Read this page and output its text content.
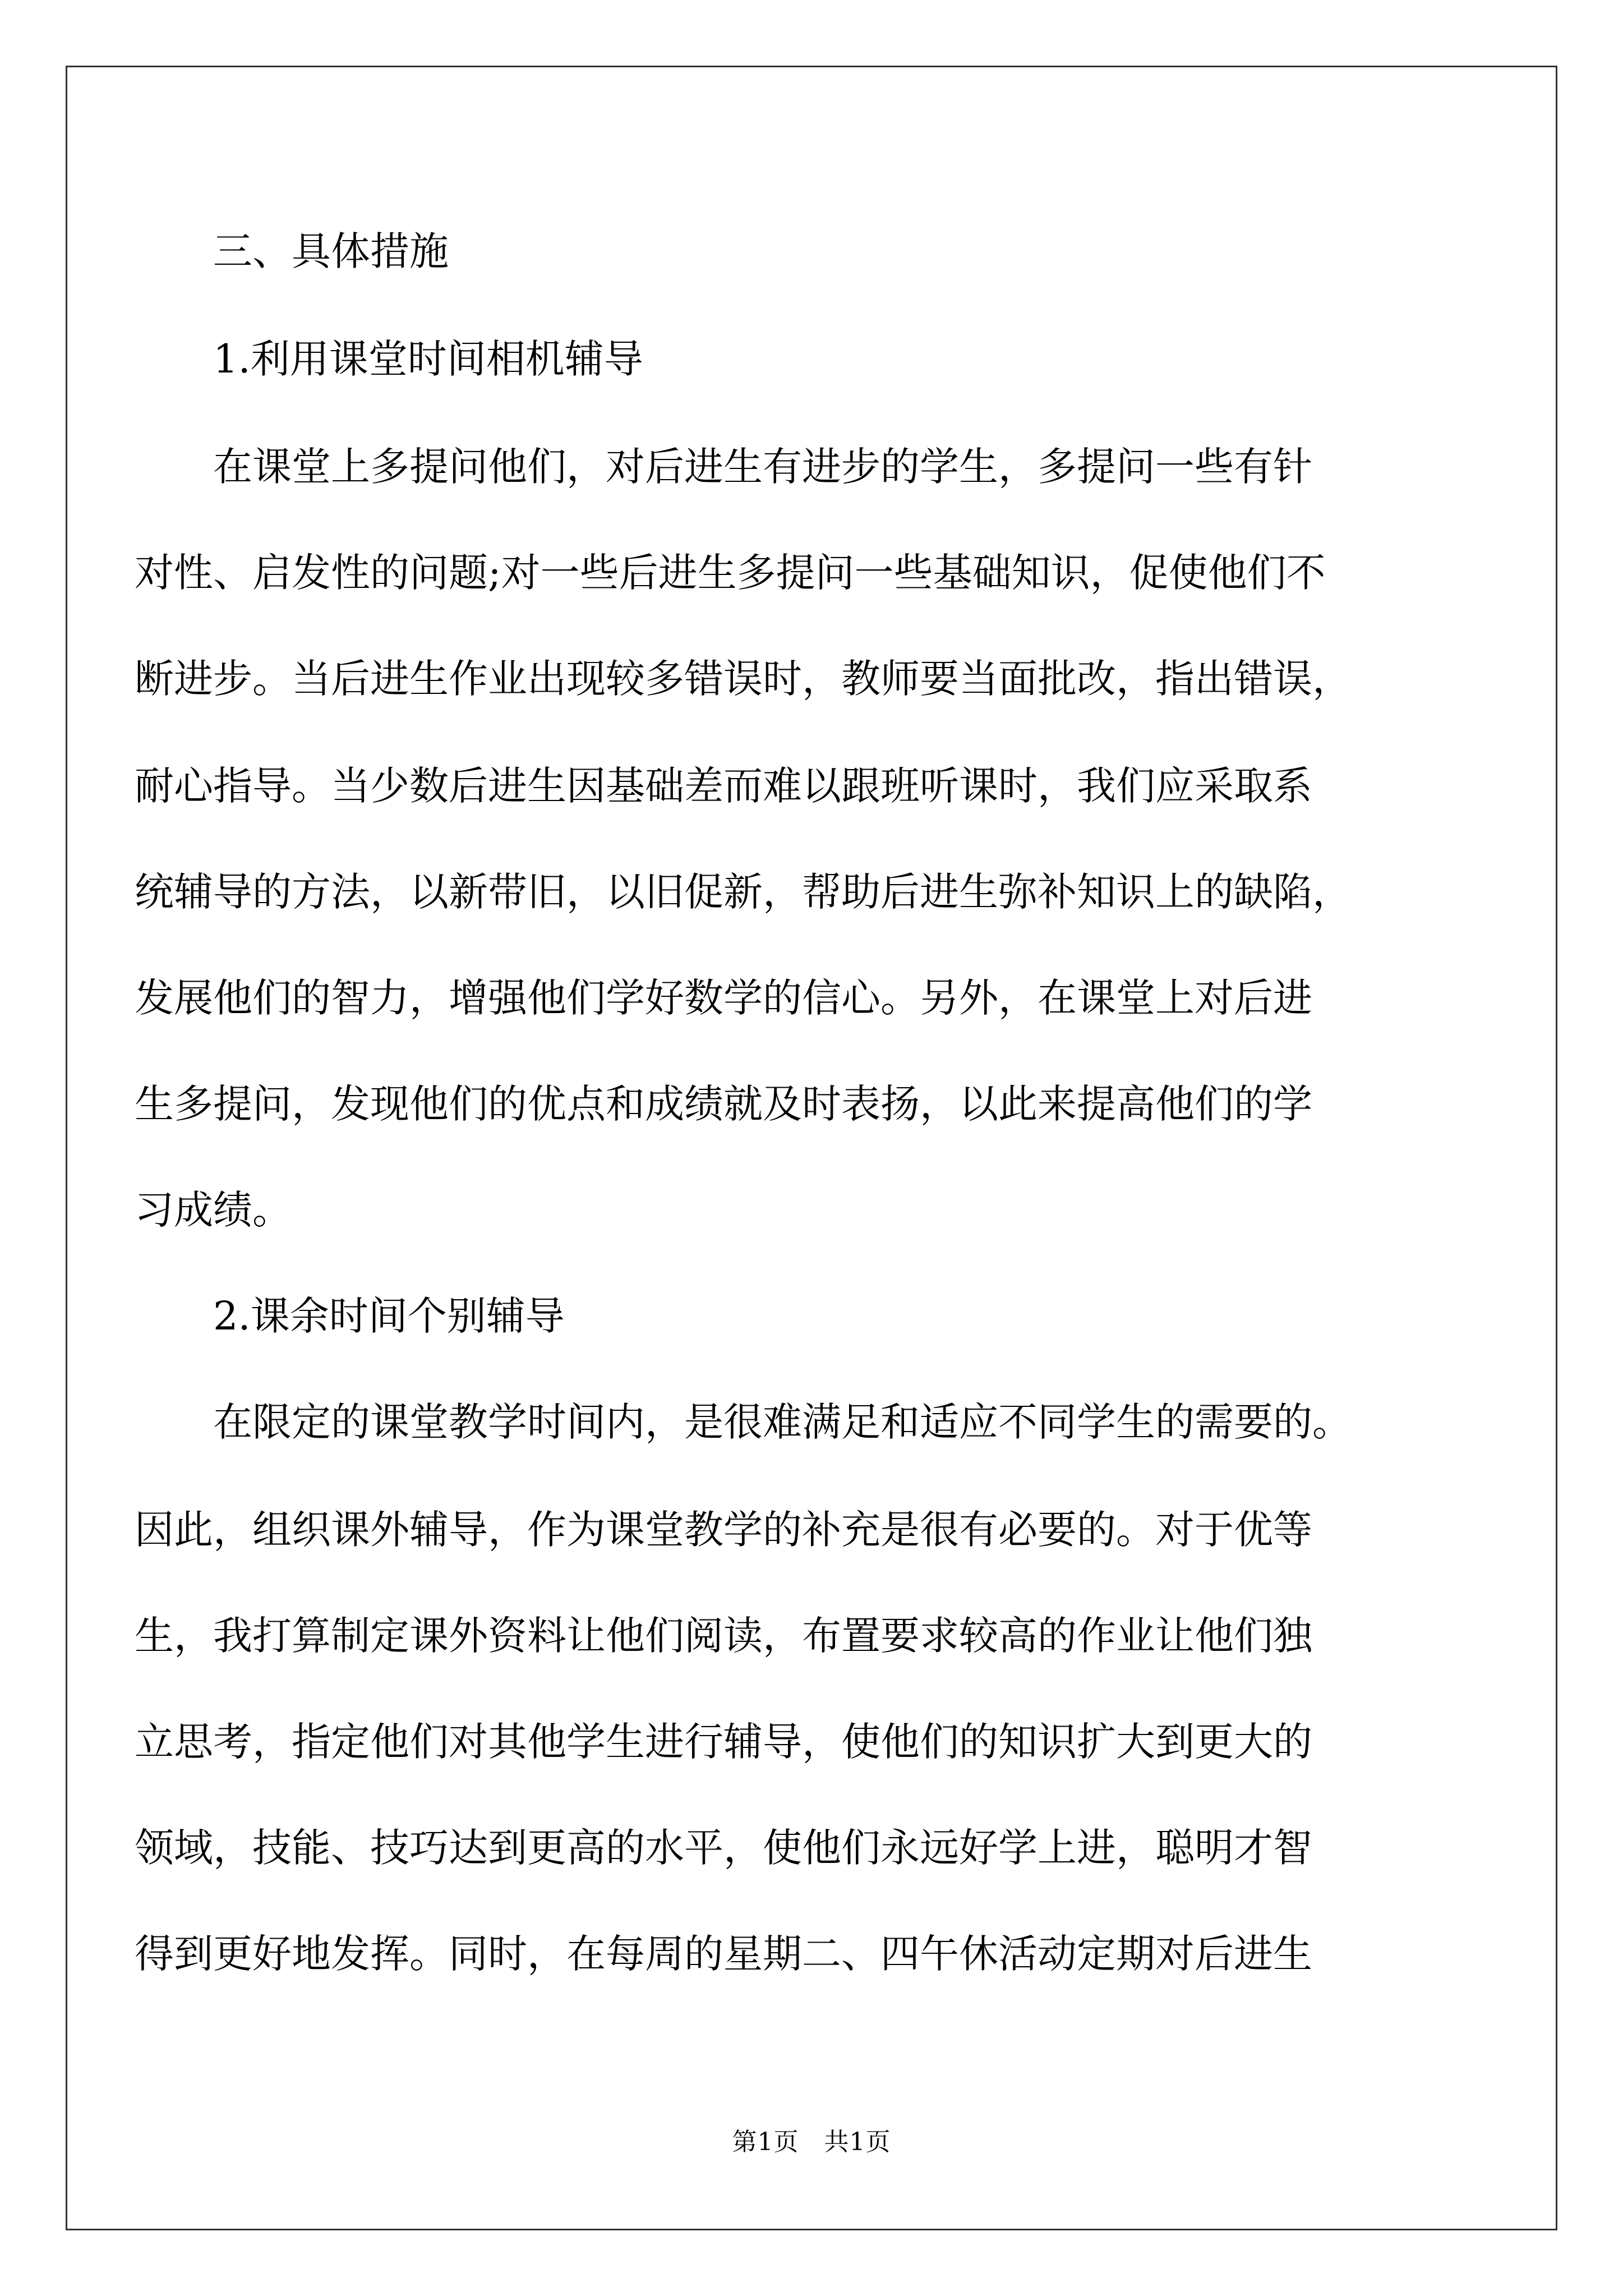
三、具体措施
1.利用课堂时间相机辅导
在课堂上多提问他们，对后进生有进步的学生，多提问一些有针
对性、启发性的问题;对一些后进生多提问一些基础知识，促使他们不
断进步。当后进生作业出现较多错误时，教师要当面批改，指出错误，
耐心指导。当少数后进生因基础差而难以跟班听课时，我们应采取系
统辅导的方法，以新带旧，以旧促新，帮助后进生弥补知识上的缺陷，
发展他们的智力，增强他们学好数学的信心。另外，在课堂上对后进
生多提问，发现他们的优点和成绩就及时表扬，以此来提高他们的学
习成绩。
2.课余时间个别辅导
在限定的课堂教学时间内，是很难满足和适应不同学生的需要的。
因此，组织课外辅导，作为课堂教学的补充是很有必要的。对于优等
生，我打算制定课外资料让他们阅读，布置要求较高的作业让他们独
立思考，指定他们对其他学生进行辅导，使他们的知识扩大到更大的
领域，技能、技巧达到更高的水平，使他们永远好学上进，聪明才智
得到更好地发挥。同时，在每周的星期二、四午休活动定期对后进生
第1页　共1页
